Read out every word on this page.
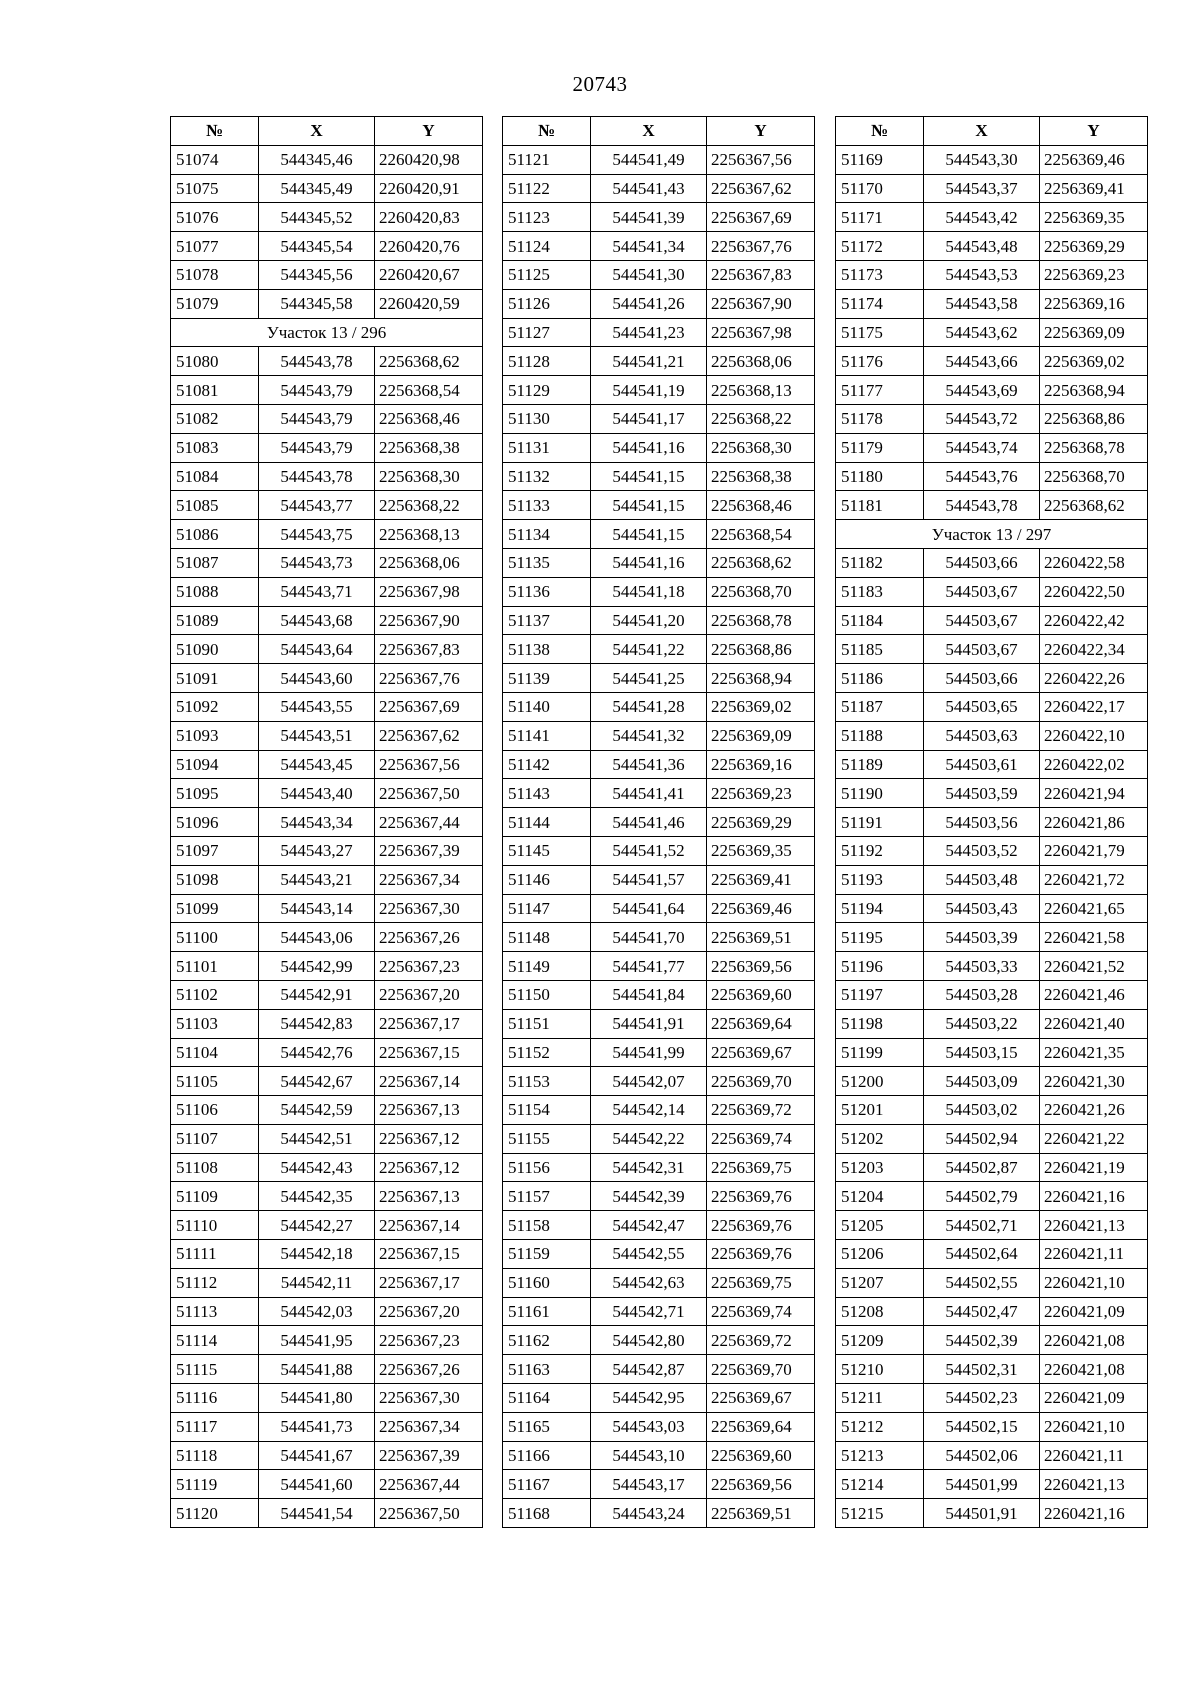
20743
№	X	Y
51074	544345,46	2260420,98
51075	544345,49	2260420,91
51076	544345,52	2260420,83
51077	544345,54	2260420,76
51078	544345,56	2260420,67
51079	544345,58	2260420,59
Участок 13 / 296		
51080	544543,78	2256368,62
51081	544543,79	2256368,54
51082	544543,79	2256368,46
51083	544543,79	2256368,38
51084	544543,78	2256368,30
51085	544543,77	2256368,22
51086	544543,75	2256368,13
51087	544543,73	2256368,06
51088	544543,71	2256367,98
51089	544543,68	2256367,90
51090	544543,64	2256367,83
51091	544543,60	2256367,76
51092	544543,55	2256367,69
51093	544543,51	2256367,62
51094	544543,45	2256367,56
51095	544543,40	2256367,50
51096	544543,34	2256367,44
51097	544543,27	2256367,39
51098	544543,21	2256367,34
51099	544543,14	2256367,30
51100	544543,06	2256367,26
51101	544542,99	2256367,23
51102	544542,91	2256367,20
51103	544542,83	2256367,17
51104	544542,76	2256367,15
51105	544542,67	2256367,14
51106	544542,59	2256367,13
51107	544542,51	2256367,12
51108	544542,43	2256367,12
51109	544542,35	2256367,13
51110	544542,27	2256367,14
51111	544542,18	2256367,15
51112	544542,11	2256367,17
51113	544542,03	2256367,20
51114	544541,95	2256367,23
51115	544541,88	2256367,26
51116	544541,80	2256367,30
51117	544541,73	2256367,34
51118	544541,67	2256367,39
51119	544541,60	2256367,44
51120	544541,54	2256367,50
№	X	Y
51121	544541,49	2256367,56
51122	544541,43	2256367,62
51123	544541,39	2256367,69
51124	544541,34	2256367,76
51125	544541,30	2256367,83
51126	544541,26	2256367,90
51127	544541,23	2256367,98
51128	544541,21	2256368,06
51129	544541,19	2256368,13
51130	544541,17	2256368,22
51131	544541,16	2256368,30
51132	544541,15	2256368,38
51133	544541,15	2256368,46
51134	544541,15	2256368,54
51135	544541,16	2256368,62
51136	544541,18	2256368,70
51137	544541,20	2256368,78
51138	544541,22	2256368,86
51139	544541,25	2256368,94
51140	544541,28	2256369,02
51141	544541,32	2256369,09
51142	544541,36	2256369,16
51143	544541,41	2256369,23
51144	544541,46	2256369,29
51145	544541,52	2256369,35
51146	544541,57	2256369,41
51147	544541,64	2256369,46
51148	544541,70	2256369,51
51149	544541,77	2256369,56
51150	544541,84	2256369,60
51151	544541,91	2256369,64
51152	544541,99	2256369,67
51153	544542,07	2256369,70
51154	544542,14	2256369,72
51155	544542,22	2256369,74
51156	544542,31	2256369,75
51157	544542,39	2256369,76
51158	544542,47	2256369,76
51159	544542,55	2256369,76
51160	544542,63	2256369,75
51161	544542,71	2256369,74
51162	544542,80	2256369,72
51163	544542,87	2256369,70
51164	544542,95	2256369,67
51165	544543,03	2256369,64
51166	544543,10	2256369,60
51167	544543,17	2256369,56
51168	544543,24	2256369,51
№	X	Y
51169	544543,30	2256369,46
51170	544543,37	2256369,41
51171	544543,42	2256369,35
51172	544543,48	2256369,29
51173	544543,53	2256369,23
51174	544543,58	2256369,16
51175	544543,62	2256369,09
51176	544543,66	2256369,02
51177	544543,69	2256368,94
51178	544543,72	2256368,86
51179	544543,74	2256368,78
51180	544543,76	2256368,70
51181	544543,78	2256368,62
Участок 13 / 297		
51182	544503,66	2260422,58
51183	544503,67	2260422,50
51184	544503,67	2260422,42
51185	544503,67	2260422,34
51186	544503,66	2260422,26
51187	544503,65	2260422,17
51188	544503,63	2260422,10
51189	544503,61	2260422,02
51190	544503,59	2260421,94
51191	544503,56	2260421,86
51192	544503,52	2260421,79
51193	544503,48	2260421,72
51194	544503,43	2260421,65
51195	544503,39	2260421,58
51196	544503,33	2260421,52
51197	544503,28	2260421,46
51198	544503,22	2260421,40
51199	544503,15	2260421,35
51200	544503,09	2260421,30
51201	544503,02	2260421,26
51202	544502,94	2260421,22
51203	544502,87	2260421,19
51204	544502,79	2260421,16
51205	544502,71	2260421,13
51206	544502,64	2260421,11
51207	544502,55	2260421,10
51208	544502,47	2260421,09
51209	544502,39	2260421,08
51210	544502,31	2260421,08
51211	544502,23	2260421,09
51212	544502,15	2260421,10
51213	544502,06	2260421,11
51214	544501,99	2260421,13
51215	544501,91	2260421,16
